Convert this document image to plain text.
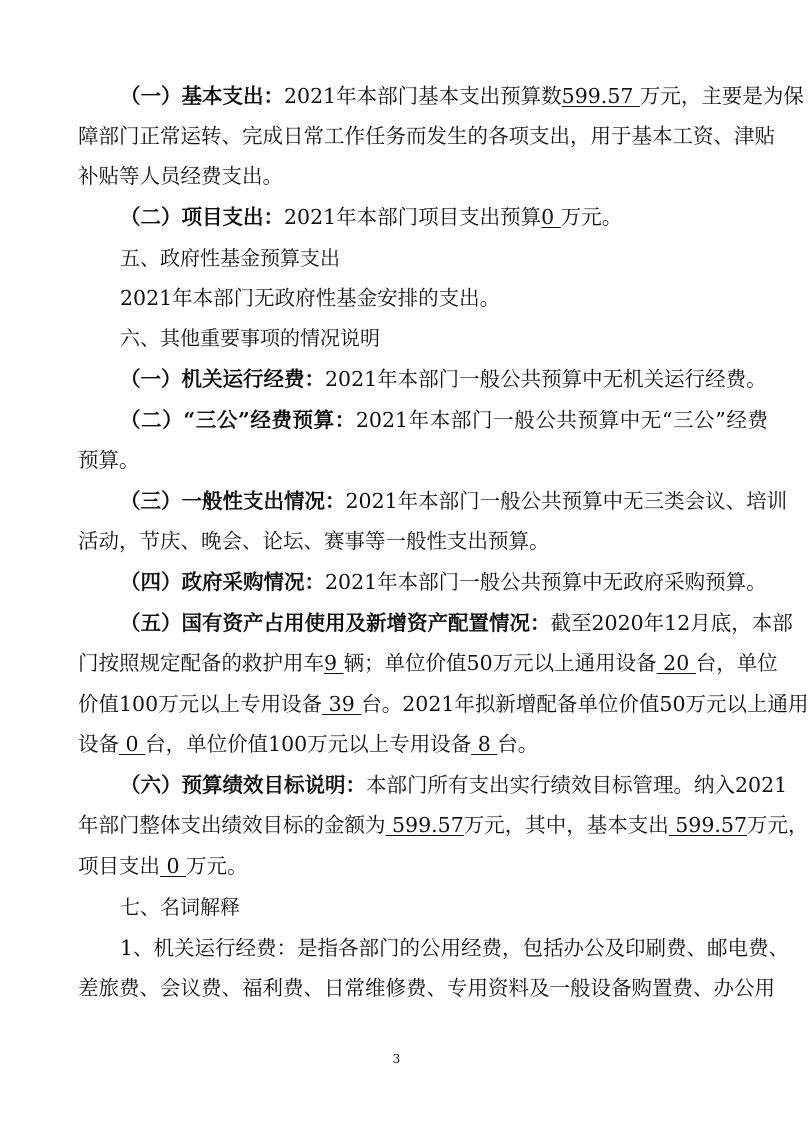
（一）基本支出：2021年本部门基本支出预算数599.57 万元，主要是为保
障部门正常运转、完成日常工作任务而发生的各项支出，用于基本工资、津贴
补贴等人员经费支出。
（二）项目支出：2021年本部门项目支出预算0 万元。
五、政府性基金预算支出
2021年本部门无政府性基金安排的支出。
六、其他重要事项的情况说明
（一）机关运行经费：2021年本部门一般公共预算中无机关运行经费。
（二）“三公”经费预算：2021年本部门一般公共预算中无“三公”经费
预算。
（三）一般性支出情况：2021年本部门一般公共预算中无三类会议、培训
活动，节庆、晚会、论坛、赛事等一般性支出预算。
（四）政府采购情况：2021年本部门一般公共预算中无政府采购预算。
（五）国有资产占用使用及新增资产配置情况：截至2020年12月底，本部
门按照规定配备的救护用车9 辆；单位价值50万元以上通用设备 20 台，单位
价值100万元以上专用设备 39 台。2021年拟新增配备单位价值50万元以上通用
设备 0 台，单位价值100万元以上专用设备 8 台。
（六）预算绩效目标说明：本部门所有支出实行绩效目标管理。纳入2021
年部门整体支出绩效目标的金额为 599.57万元，其中，基本支出 599.57万元，
项目支出 0 万元。
七、名词解释
1、机关运行经费：是指各部门的公用经费，包括办公及印刷费、邮电费、
差旅费、会议费、福利费、日常维修费、专用资料及一般设备购置费、办公用
3
